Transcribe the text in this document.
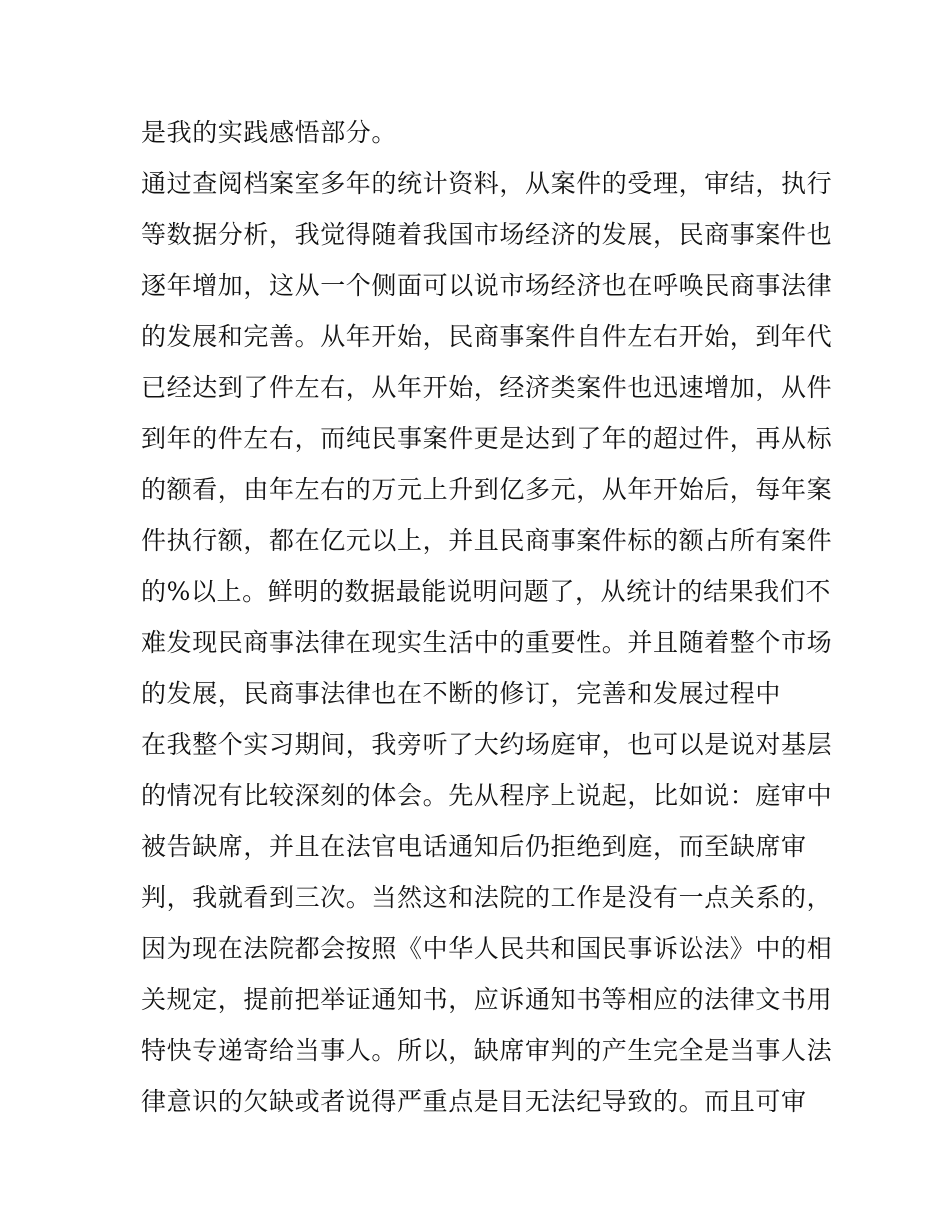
是我的实践感悟部分。
通过查阅档案室多年的统计资料，从案件的受理，审结，执行
等数据分析，我觉得随着我国市场经济的发展，民商事案件也
逐年增加，这从一个侧面可以说市场经济也在呼唤民商事法律
的发展和完善。从年开始，民商事案件自件左右开始，到年代
已经达到了件左右，从年开始，经济类案件也迅速增加，从件
到年的件左右，而纯民事案件更是达到了年的超过件，再从标
的额看，由年左右的万元上升到亿多元，从年开始后，每年案
件执行额，都在亿元以上，并且民商事案件标的额占所有案件
的%以上。鲜明的数据最能说明问题了，从统计的结果我们不
难发现民商事法律在现实生活中的重要性。并且随着整个市场
的发展，民商事法律也在不断的修订，完善和发展过程中
在我整个实习期间，我旁听了大约场庭审，也可以是说对基层
的情况有比较深刻的体会。先从程序上说起，比如说：庭审中
被告缺席，并且在法官电话通知后仍拒绝到庭，而至缺席审
判，我就看到三次。当然这和法院的工作是没有一点关系的，
因为现在法院都会按照《中华人民共和国民事诉讼法》中的相
关规定，提前把举证通知书，应诉通知书等相应的法律文书用
特快专递寄给当事人。所以，缺席审判的产生完全是当事人法
律意识的欠缺或者说得严重点是目无法纪导致的。而且可审
